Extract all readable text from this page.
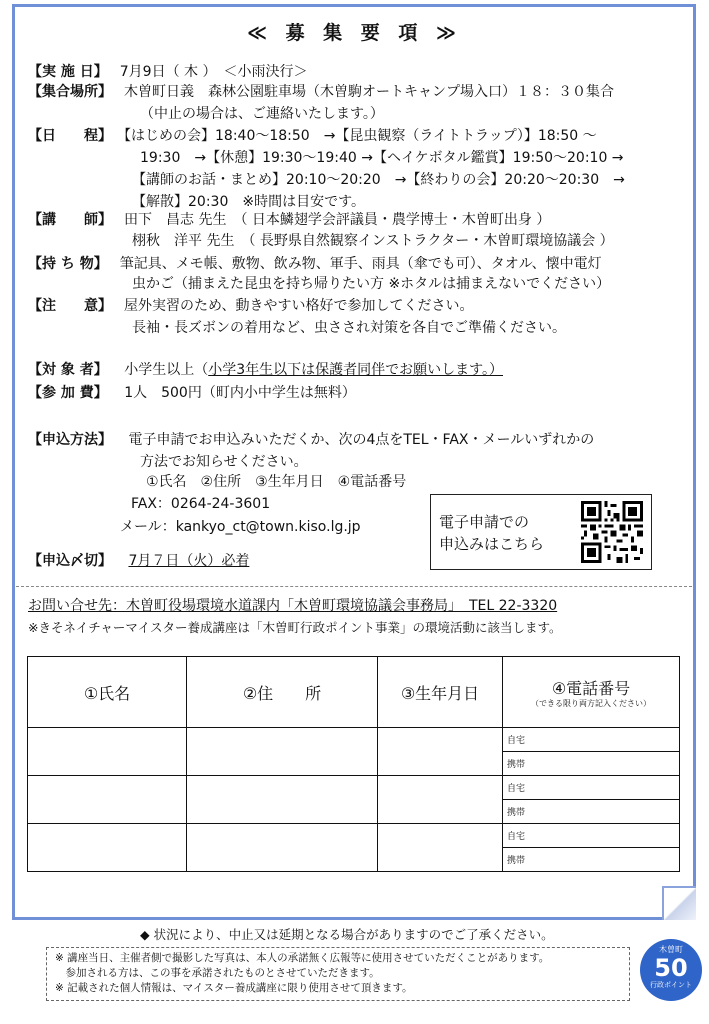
≪ 募 集 要 項 ≫
【実 施 日】 7月9日（ 木 ）　＜小雨決行＞
【集合場所】 木曽町日義　森林公園駐車場（木曽駒オートキャンプ場入口）１８：３０集合
（中止の場合は、ご連絡いたします。）
【日　　程】 【はじめの会】18:40～18:50　→【昆虫観察（ライトトラップ）】18:50 ～
19:30　→【休憩】19:30～19:40 →【ヘイケボタル鑑賞】19:50～20:10 →
【講師のお話・まとめ】20:10～20:20　→【終わりの会】20:20～20:30　→
【解散】20:30　※時間は目安です。
【講　　師】 田下　昌志 先生　（ 日本鱗翅学会評議員・農学博士・木曽町出身 ）
栩秋　洋平 先生　（ 長野県自然観察インストラクター・木曽町環境協議会 ）
【持 ち 物】 筆記具、メモ帳、敷物、飲み物、軍手、雨具（傘でも可）、タオル、懐中電灯
虫かご（捕まえた昆虫を持ち帰りたい方 ※ホタルは捕まえないでください）
【注　　意】 屋外実習のため、動きやすい格好で参加してください。
長袖・長ズボンの着用など、虫さされ対策を各自でご準備ください。
【対 象 者】 小学生以上（小学3年生以下は保護者同伴でお願いします。）
【参 加 費】 1人　500円（町内小中学生は無料）
【申込方法】 電子申請でお申込みいただくか、次の4点をTEL・FAX・メールいずれかの
方法でお知らせください。
①氏名　②住所　③生年月日　④電話番号
FAX：0264-24-3601
メール：kankyo_ct@town.kiso.lg.jp	電子申請での
申込みはこちら
【申込〆切】 7月７日（火）必着
お問い合せ先：木曽町役場環境水道課内「木曽町環境協議会事務局」　TEL 22-3320
※きそネイチャーマイスター養成講座は「木曽町行政ポイント事業」の環境活動に該当します。
①氏名	②住　　所	③生年月日	④電話番号
（できる限り両方記入ください）

			自宅
			携帯
			自宅
			携帯
			自宅
			携帯
◆ 状況により、中止又は延期となる場合がありますのでご了承ください。
※ 講座当日、主催者側で撮影した写真は、本人の承諾無く広報等に使用させていただくことがあります。
　参加される方は、この事を承諾されたものとさせていただきます。
※ 記載された個人情報は、マイスター養成講座に限り使用させて頂きます。
木曽町
50
行政ポイント
